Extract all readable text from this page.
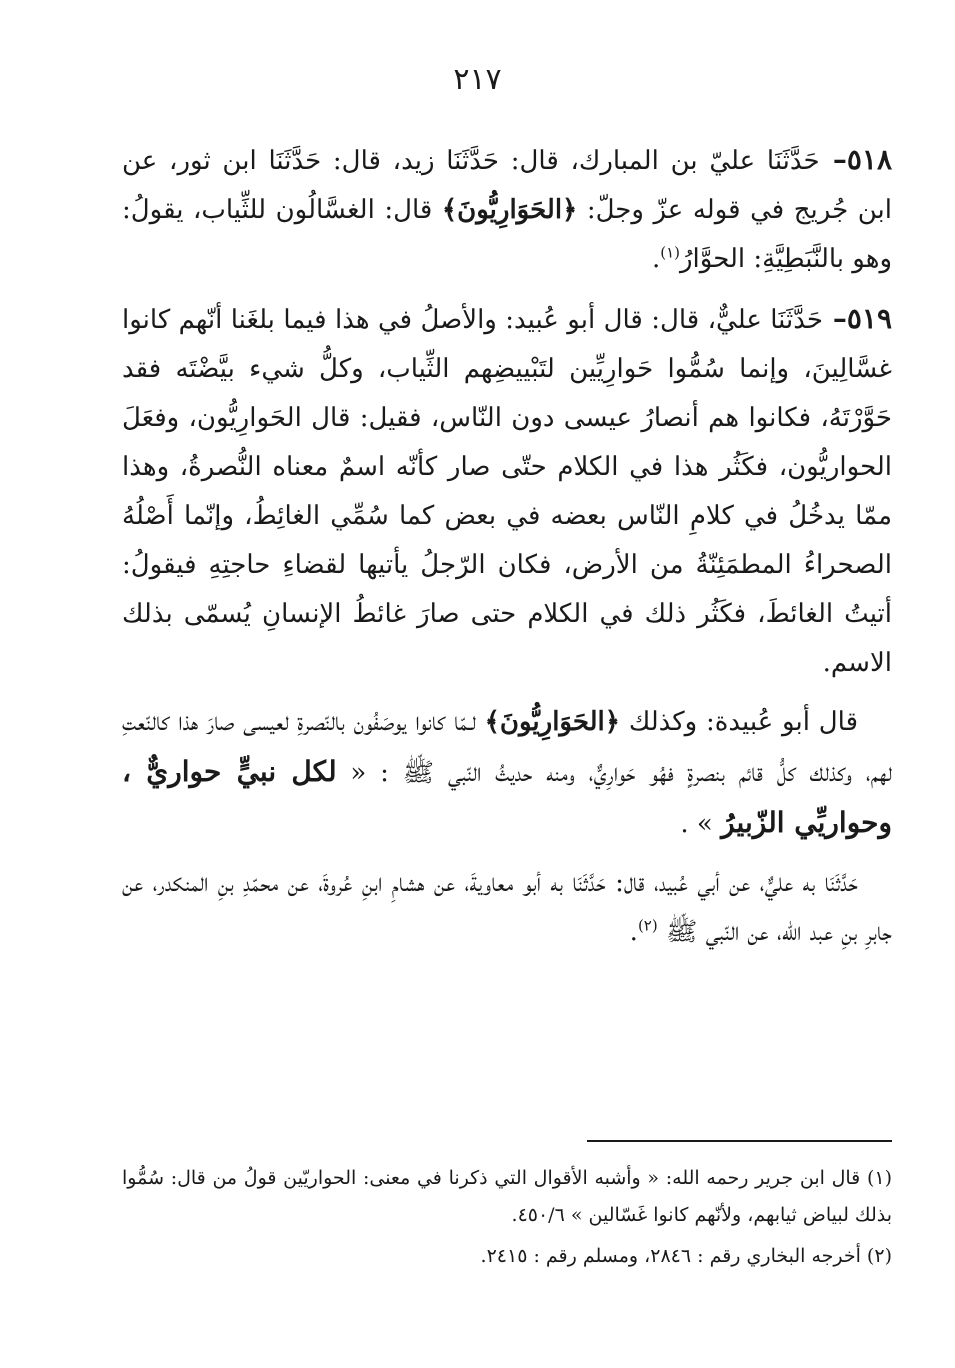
٢١٧

٥١٨– حَدَّثَنَا عليّ بن المبارك، قال: حَدَّثَنَا زيد، قال: حَدَّثَنَا ابن ثور، عن ابن جُريج في قوله عزّ وجلّ: ﴿الحَوَارِيُّونَ﴾ قال: الغسَّالُون للثِّياب، يقولُ: وهو بالنَّبَطِيَّةِ: الحوَّارُ$^{(١)}$.

٥١٩– حَدَّثَنَا عليٌّ، قال: قال أبو عُبيد: والأصلُ في هذا فيما بلغَنا أنّهم كانوا غسَّالِينَ، وإنما سُمُّوا حَوارِيِّين لتَبْييضِهم الثِّياب، وكلُّ شيء بيَّضْتَه فقد حَوَّرْتَهُ، فكانوا هم أنصارُ عيسى دون النّاس، فقيل: قال الحَوارِيُّون، وفعَلَ الحواريُّون، فكَثُر هذا في الكلام حتّى صار كأنّه اسمٌ معناه النُّصرةُ، وهذا ممّا يدخُلُ في كلامِ النّاس بعضه في بعض كما سُمِّي الغائِطُ، وإنّما أَصْلُهُ الصحراءُ المطمَئِنّةُ من الأرض، فكان الرّجلُ يأتيها لقضاءِ حاجتِهِ فيقولُ: أتيتُ الغائطَ، فكَثُر ذلك في الكلام حتى صارَ غائطُ الإنسانِ يُسمّى بذلك الاسم.

قال أبو عُبيدة: وكذلك ﴿الحَوَارِيُّونَ﴾ لـمّا كانوا يوصَفُون بالنّصرةِ لعيسى صارَ هذا كالنّعتِ لهم، وكذلك كلُّ قائم بنصرةٍ فهُو حَوارِيٌّ، ومنه حديثُ النّبي ﷺ : « لكل نبيٍّ حواريٌّ ، وحواريِّي الزّبيرُ » .

حَدَّثَنَا به عليٌّ، عن أبي عُبيد، قال: حَدَّثَنَا به أبو معاويةَ، عن هشامِ ابنِ عُروةَ، عن محمّدِ بنِ المنكدر، عن جابرِ بنِ عبد الله، عن النّبي ﷺ $^{(٢)}$.

(١) قال ابن جرير رحمه الله: « وأشبه الأقوال التي ذكرنا في معنى: الحواريّين قولُ من قال: سُمُّوا بذلك لبياض ثيابهم، ولأنّهم كانوا غَسّالين » ٤٥٠/٦.

(٢) أخرجه البخاري رقم : ٢٨٤٦، ومسلم رقم : ٢٤١٥.
